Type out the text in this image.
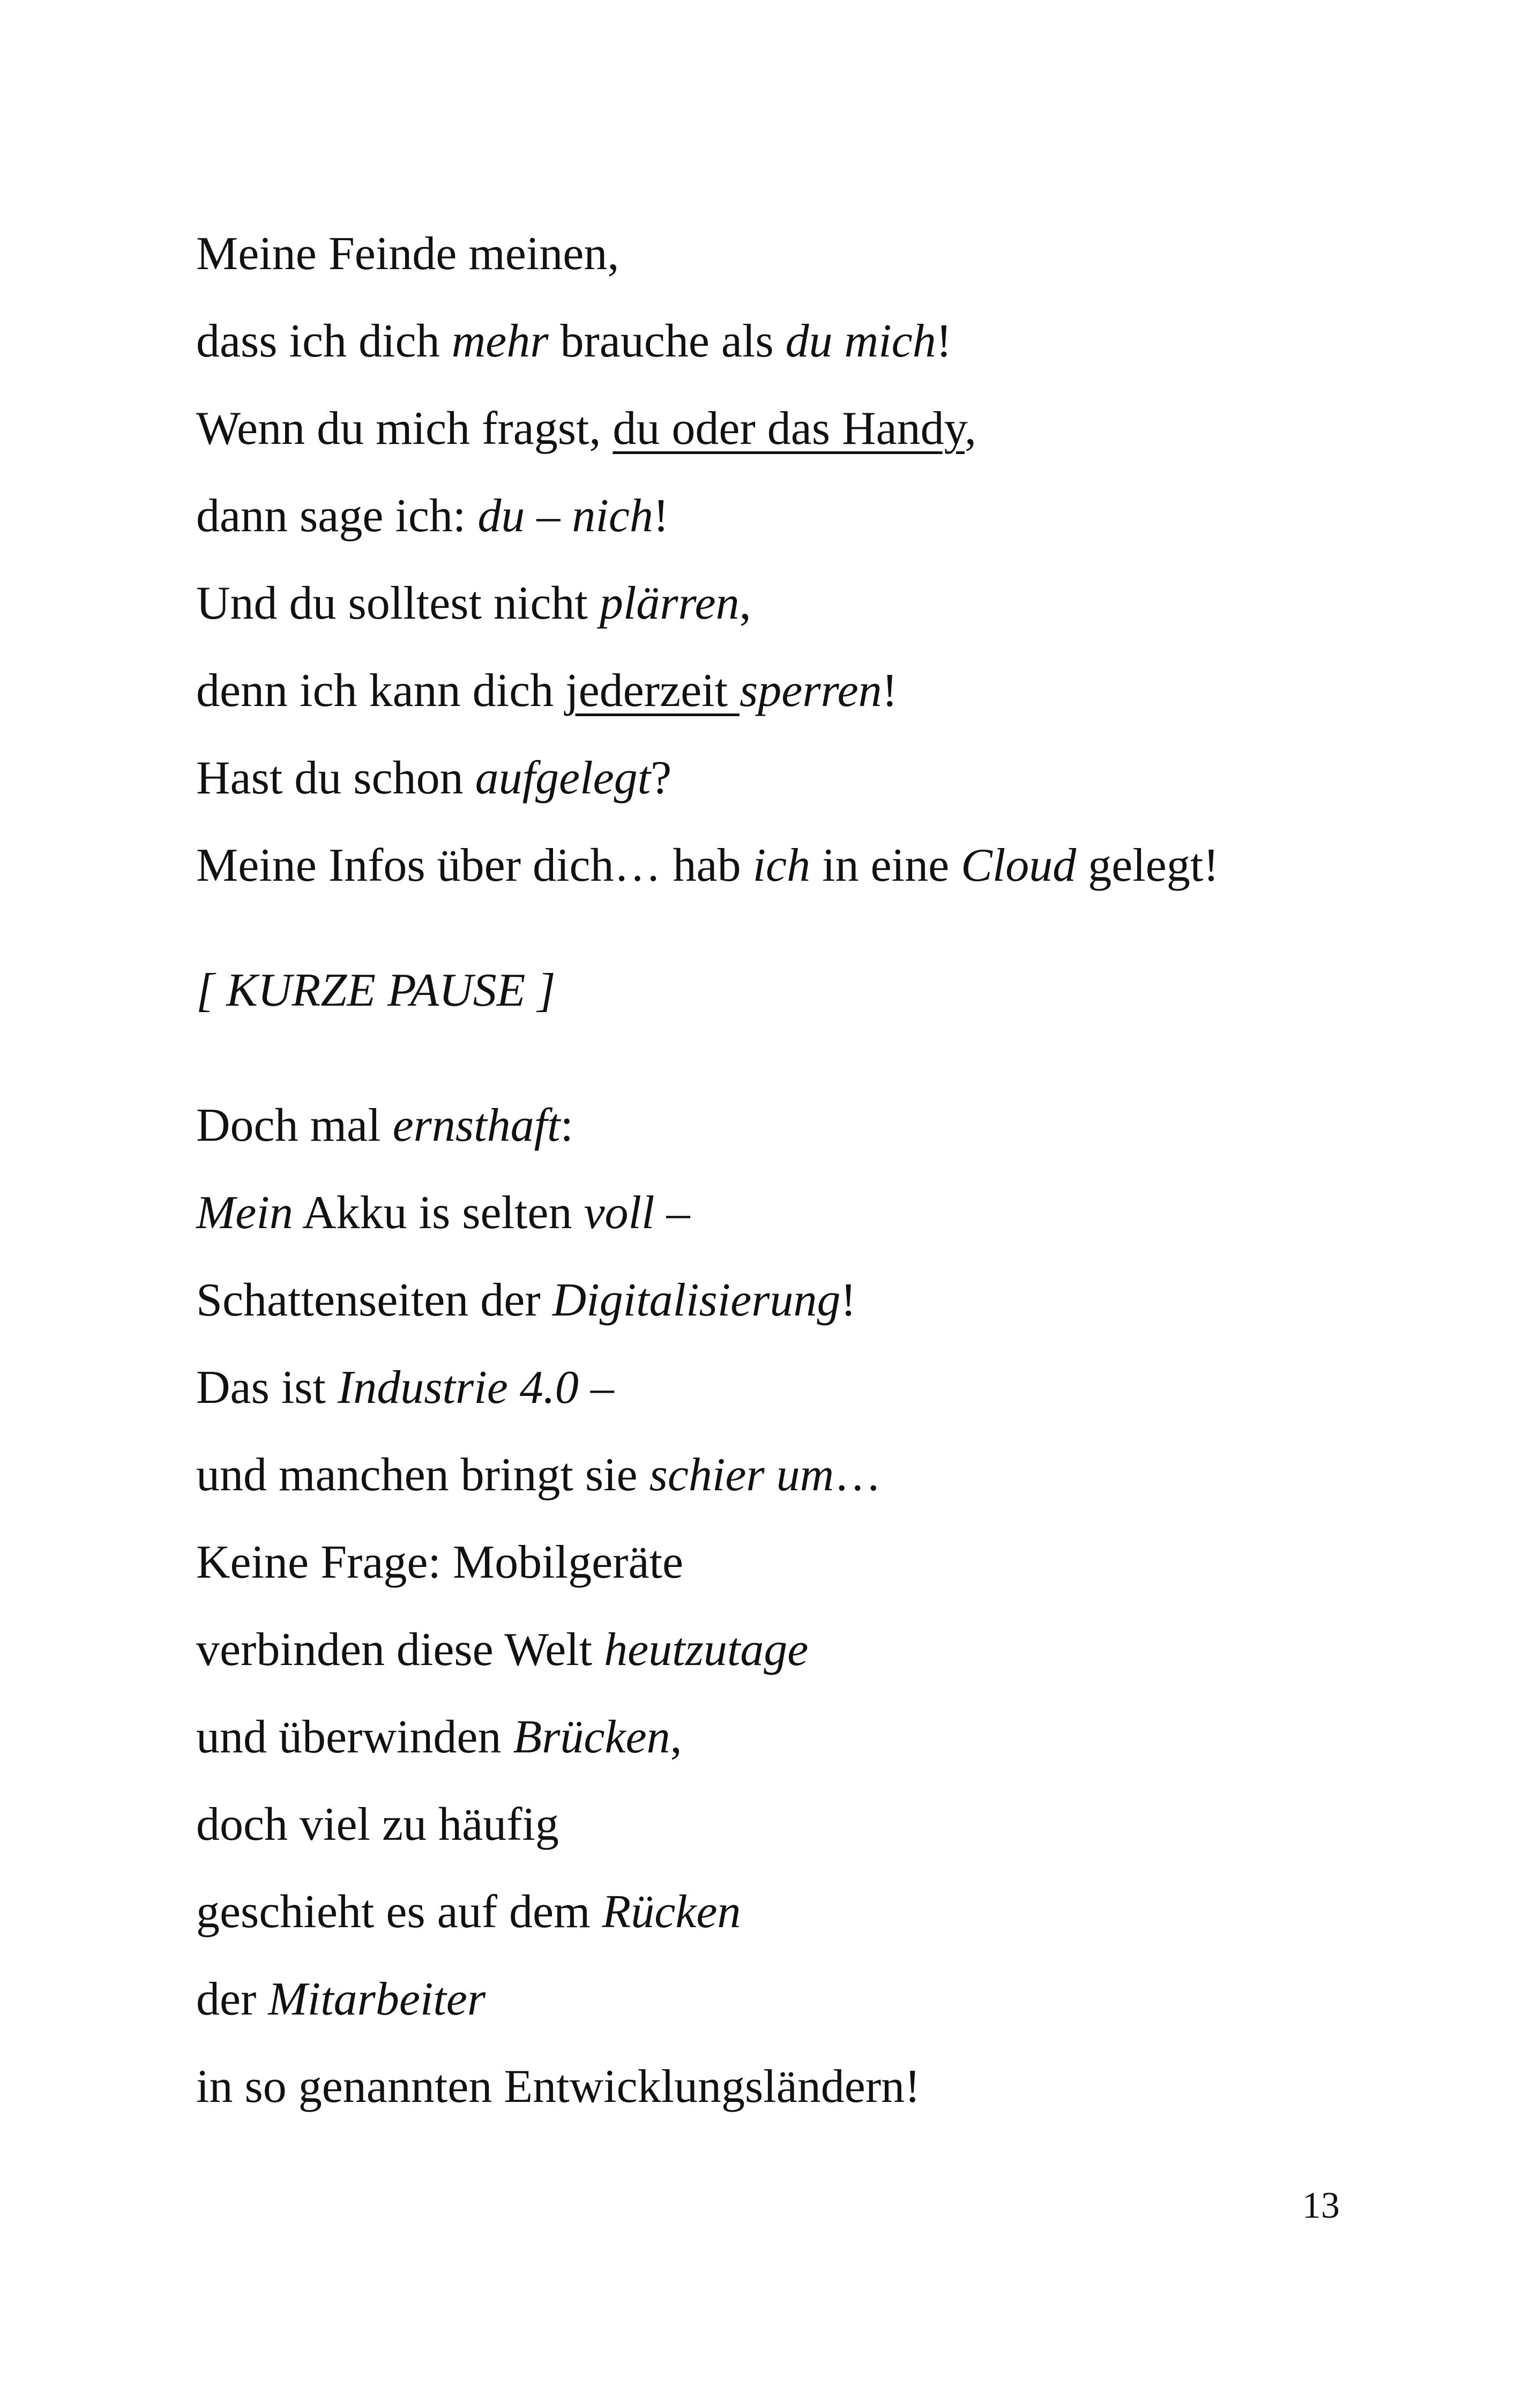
Meine Feinde meinen,
dass ich dich mehr brauche als du mich!
Wenn du mich fragst, du oder das Handy,
dann sage ich: du – nich!
Und du solltest nicht plärren,
denn ich kann dich jederzeit sperren!
Hast du schon aufgelegt?
Meine Infos über dich… hab ich in eine Cloud gelegt!
[ KURZE PAUSE ]
Doch mal ernsthaft:
Mein Akku is selten voll –
Schattenseiten der Digitalisierung!
Das ist Industrie 4.0 –
und manchen bringt sie schier um…
Keine Frage: Mobilgeräte
verbinden diese Welt heutzutage
und überwinden Brücken,
doch viel zu häufig
geschieht es auf dem Rücken
der Mitarbeiter
in so genannten Entwicklungsländern!
13
